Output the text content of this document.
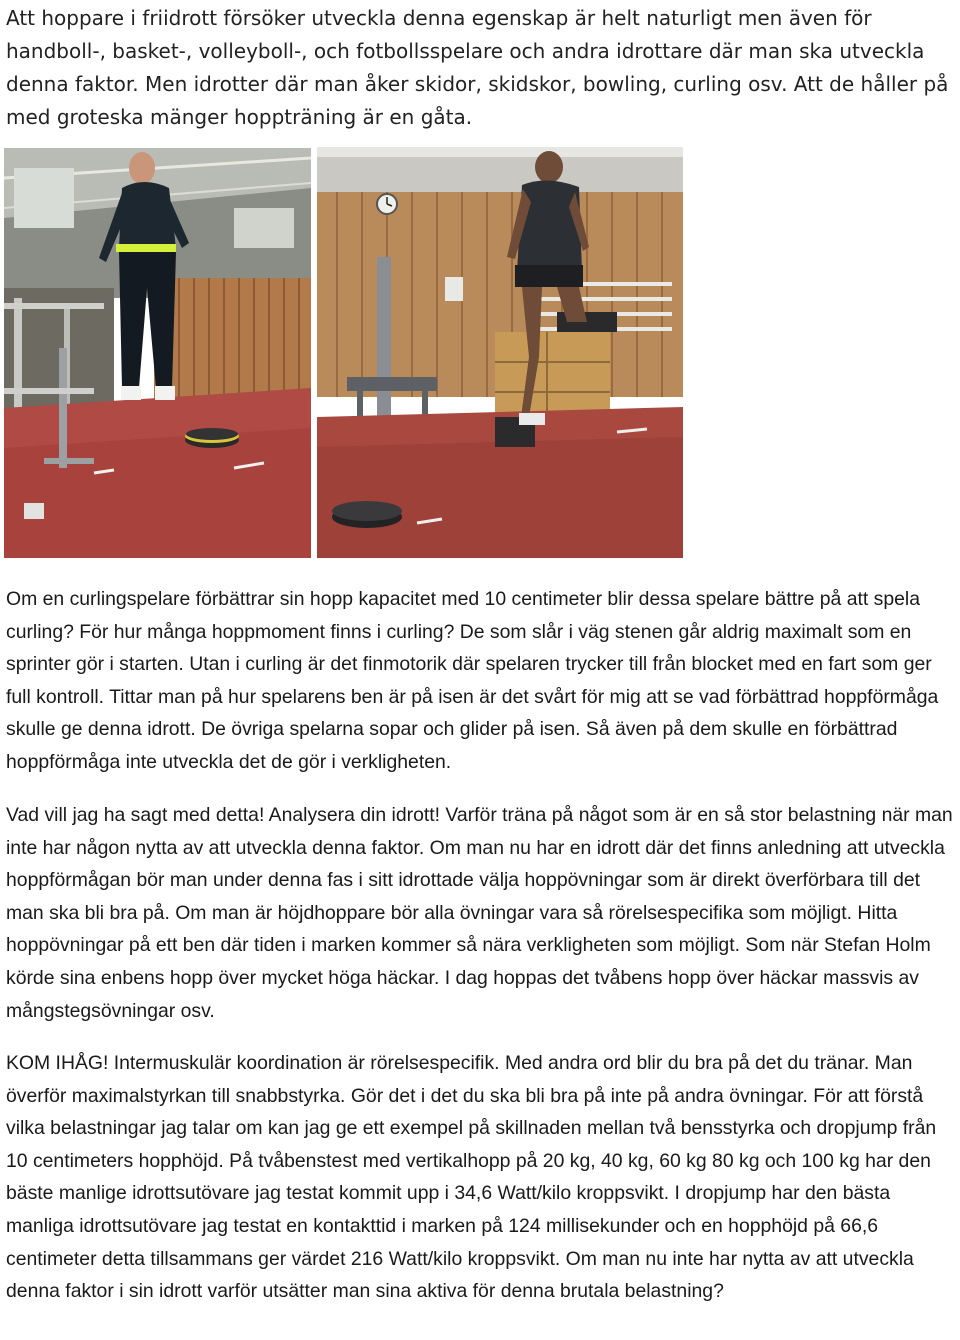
Att hoppare i friidrott försöker utveckla denna egenskap är helt naturligt men även för handboll-, basket-, volleyboll-, och fotbollsspelare och andra idrottare där man ska utveckla denna faktor. Men idrotter där man åker skidor, skidskor, bowling, curling osv. Att de håller på med groteska mänger hoppträning är en gåta.

Om en curlingspelare förbättrar sin hopp kapacitet med 10 centimeter blir dessa spelare bättre på att spela curling? För hur många hoppmoment finns i curling? De som slår i väg stenen går aldrig maximalt som en sprinter gör i starten. Utan i curling är det finmotorik där spelaren trycker till från blocket med en fart som ger full kontroll. Tittar man på hur spelarens ben är på isen är det svårt för mig att se vad förbättrad hoppförmåga skulle ge denna idrott. De övriga spelarna sopar och glider på isen. Så även på dem skulle en förbättrad hoppförmåga inte utveckla det de gör i verkligheten.

Vad vill jag ha sagt med detta! Analysera din idrott! Varför träna på något som är en så stor belastning när man inte har någon nytta av att utveckla denna faktor. Om man nu har en idrott där det finns anledning att utveckla hoppförmågan bör man under denna fas i sitt idrottade välja hoppövningar som är direkt överförbara till det man ska bli bra på. Om man är höjdhoppare bör alla övningar vara så rörelsespecifika som möjligt. Hitta hoppövningar på ett ben där tiden i marken kommer så nära verkligheten som möjligt. Som när Stefan Holm körde sina enbens hopp över mycket höga häckar. I dag hoppas det tvåbens hopp över häckar massvis av mångstegsövningar osv.

KOM IHÅG! Intermuskulär koordination är rörelsespecifik. Med andra ord blir du bra på det du tränar. Man överför maximalstyrkan till snabbstyrka. Gör det i det du ska bli bra på inte på andra övningar. För att förstå vilka belastningar jag talar om kan jag ge ett exempel på skillnaden mellan två bensstyrka och dropjump från 10 centimeters hopphöjd. På tvåbenstest med vertikalhopp på 20 kg, 40 kg, 60 kg 80 kg och 100 kg har den bäste manlige idrottsutövare jag testat kommit upp i 34,6 Watt/kilo kroppsvikt. I dropjump har den bästa manliga idrottsutövare jag testat en kontakttid i marken på 124 millisekunder och en hopphöjd på 66,6 centimeter detta tillsammans ger värdet 216 Watt/kilo kroppsvikt. Om man nu inte har nytta av att utveckla denna faktor i sin idrott varför utsätter man sina aktiva för denna brutala belastning?
